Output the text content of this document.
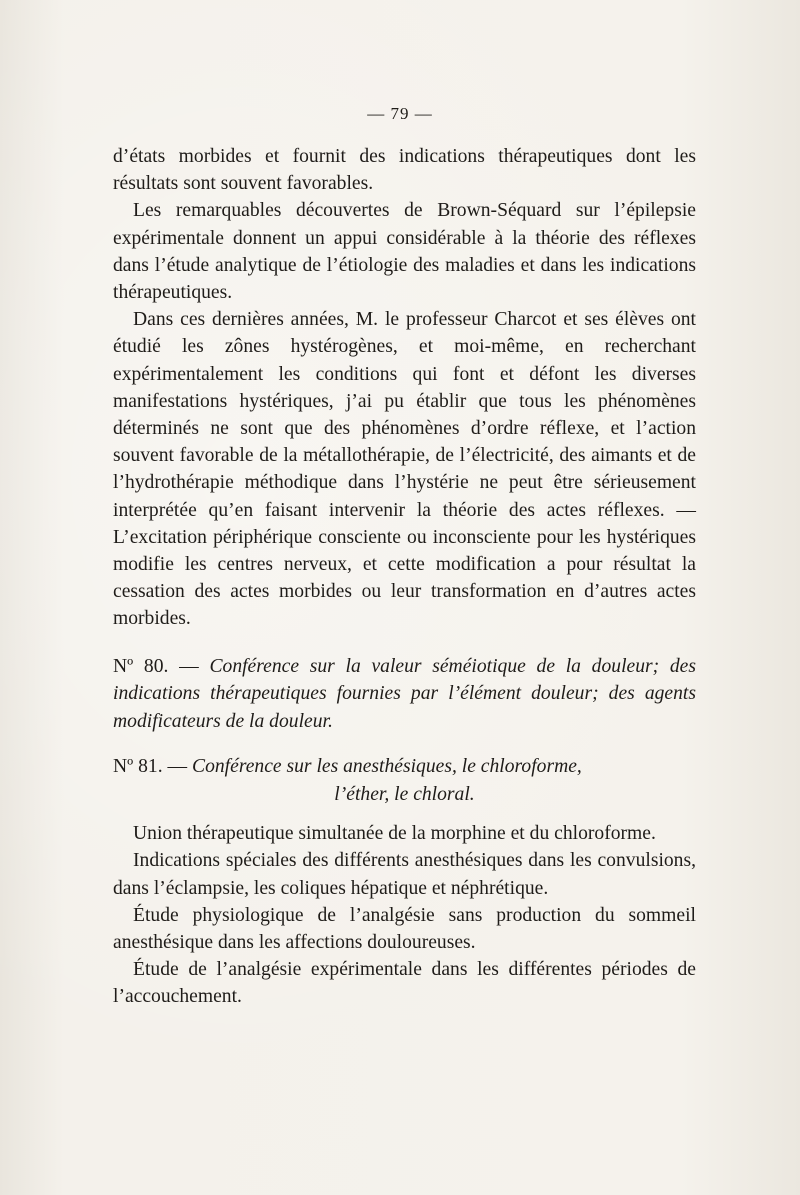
— 79 —

d’états morbides et fournit des indications thérapeutiques dont les résultats sont souvent favorables.

Les remarquables découvertes de Brown-Séquard sur l’épilepsie expérimentale donnent un appui considérable à la théorie des réflexes dans l’étude analytique de l’étiologie des maladies et dans les indications thérapeutiques.

Dans ces dernières années, M. le professeur Charcot et ses élèves ont étudié les zônes hystérogènes, et moi-même, en recherchant expérimentalement les conditions qui font et défont les diverses manifestations hystériques, j’ai pu établir que tous les phénomènes déterminés ne sont que des phénomènes d’ordre réflexe, et l’action souvent favorable de la métallothérapie, de l’électricité, des aimants et de l’hydrothérapie méthodique dans l’hystérie ne peut être sérieusement interprétée qu’en faisant intervenir la théorie des actes réflexes. — L’excitation périphérique consciente ou inconsciente pour les hystériques modifie les centres nerveux, et cette modification a pour résultat la cessation des actes morbides ou leur transformation en d’autres actes morbides.

Nº 80. — Conférence sur la valeur séméiotique de la douleur; des indications thérapeutiques fournies par l’élément douleur; des agents modificateurs de la douleur.

Nº 81. — Conférence sur les anesthésiques, le chloroforme,
l’éther, le chloral.

Union thérapeutique simultanée de la morphine et du chloroforme.

Indications spéciales des différents anesthésiques dans les convulsions, dans l’éclampsie, les coliques hépatique et néphrétique.

Étude physiologique de l’analgésie sans production du sommeil anesthésique dans les affections douloureuses.

Étude de l’analgésie expérimentale dans les différentes périodes de l’accouchement.
